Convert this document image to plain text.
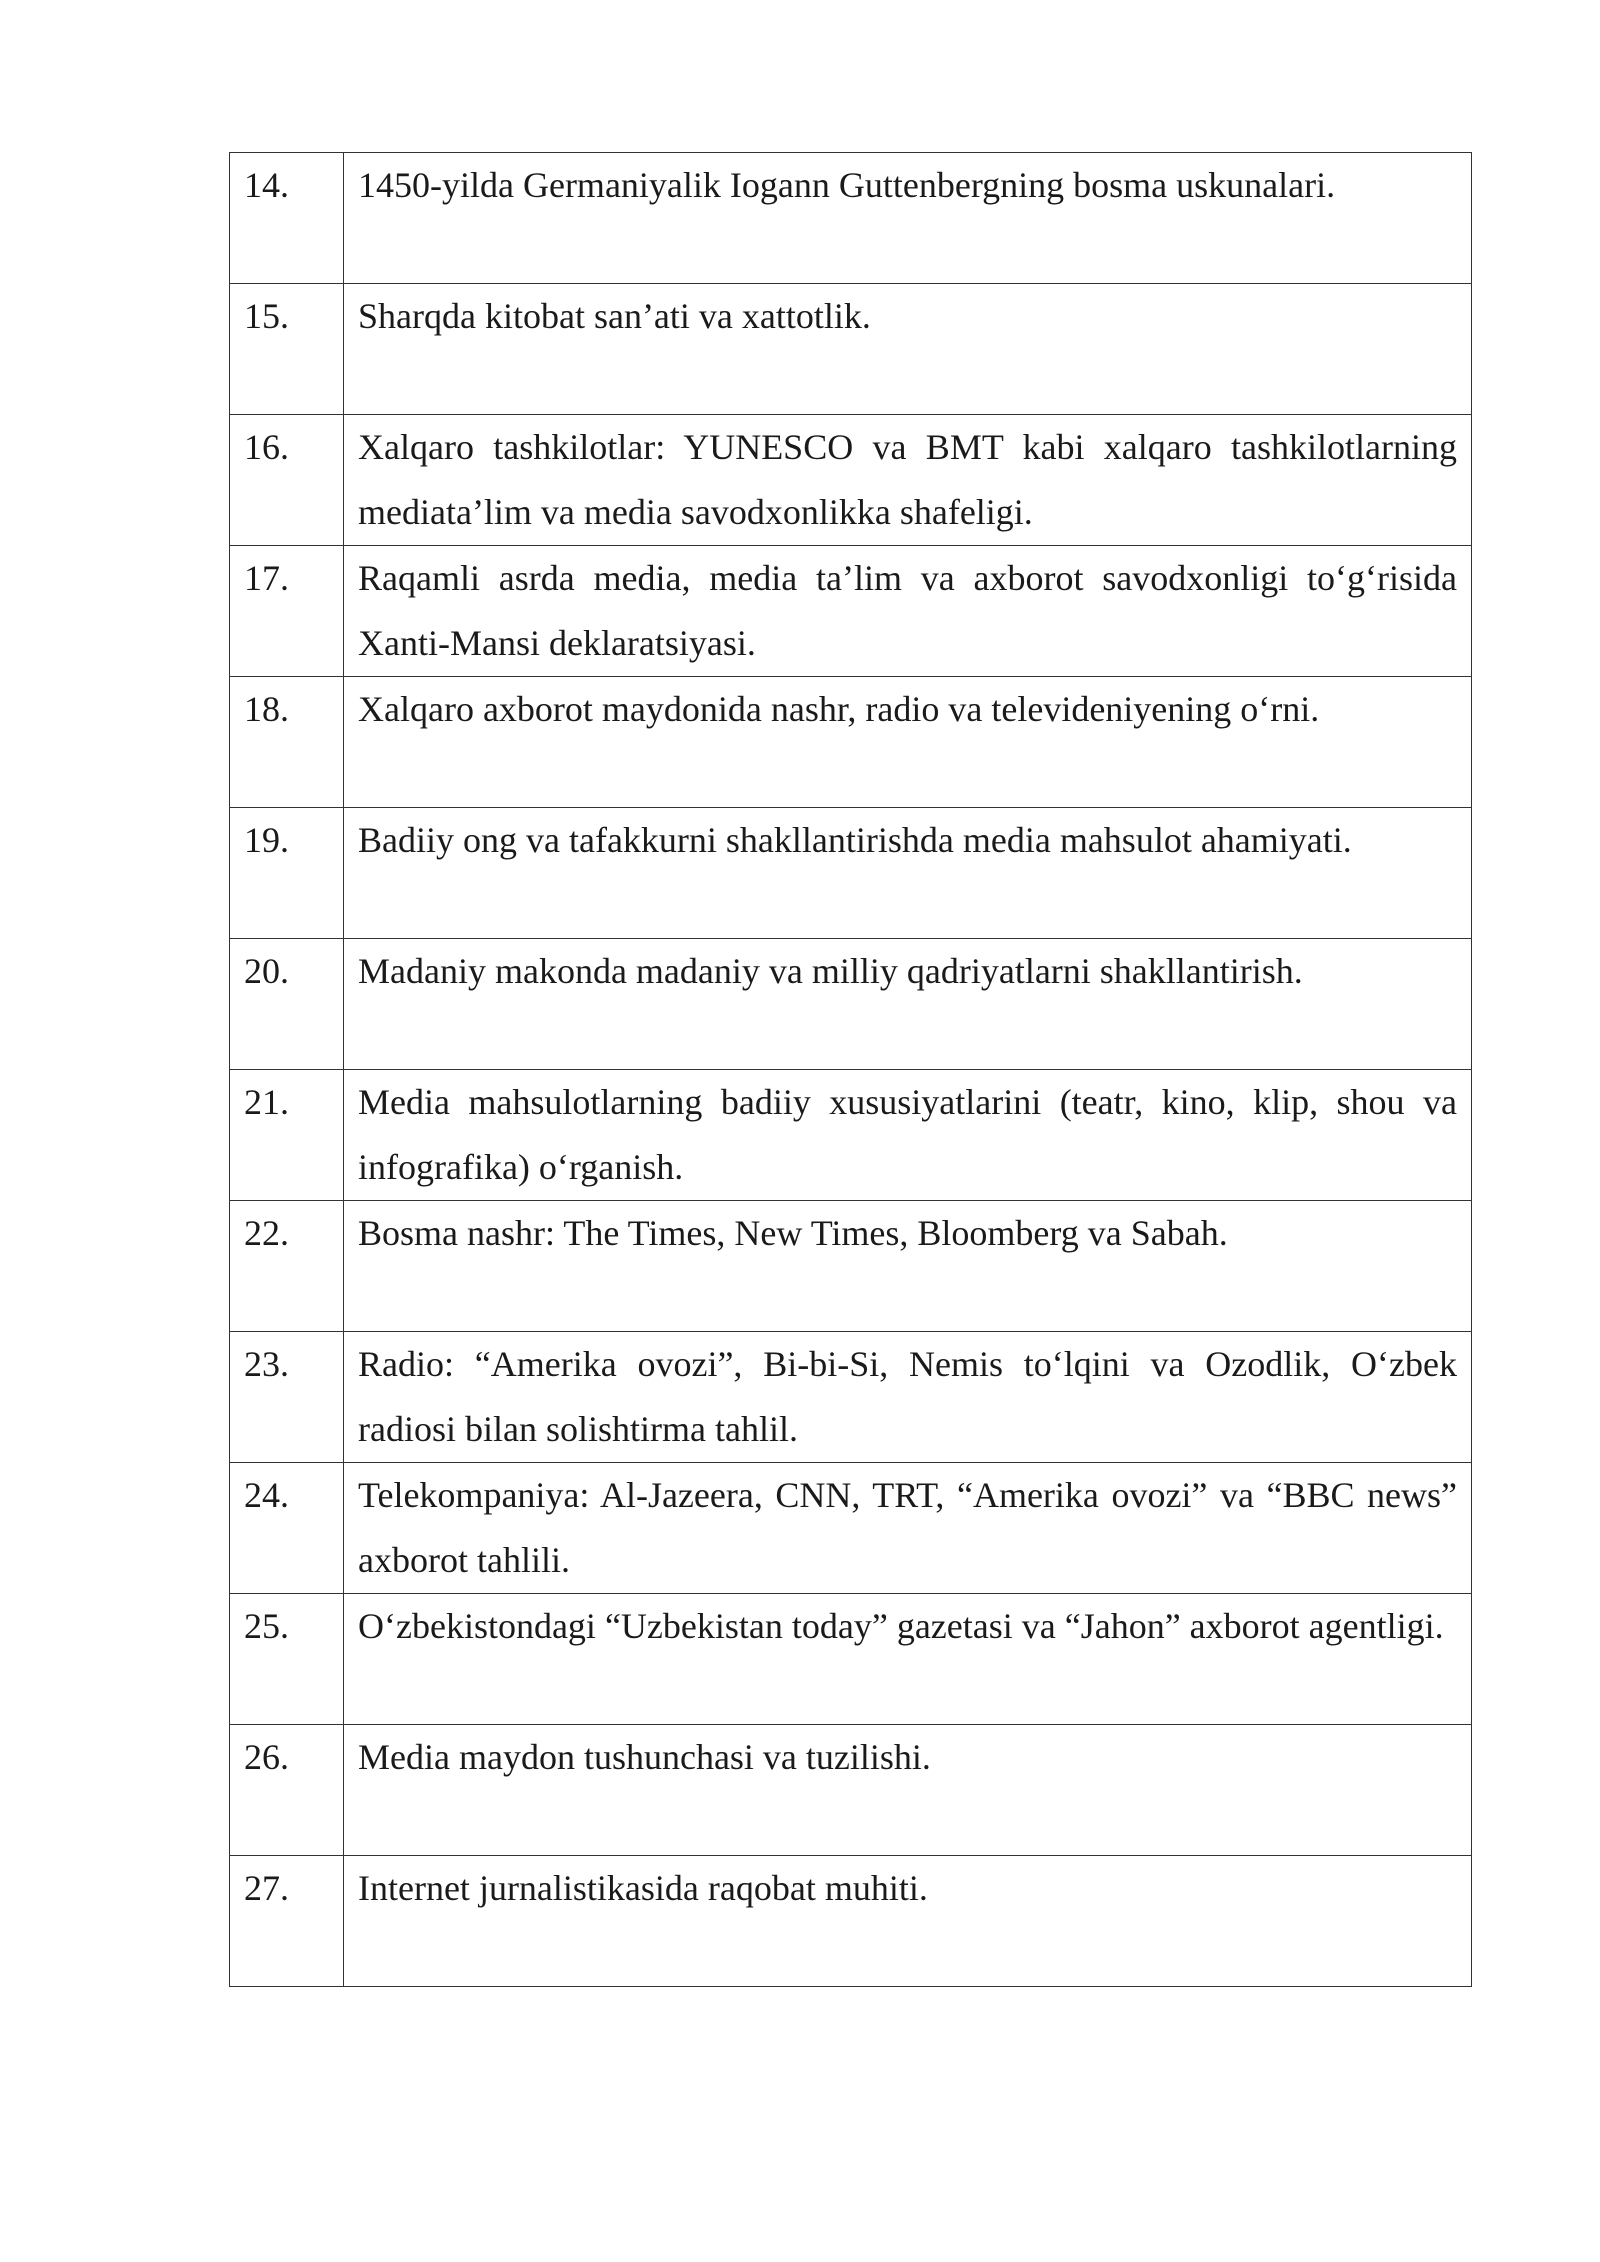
14.	1450-yilda Germaniyalik Iogann Guttenbergning bosma uskunalari.
15.	Sharqda kitobat san’ati va xattotlik.
16.	Xalqaro tashkilotlar: YUNESCO va BMT kabi xalqaro tashkilotlarning mediata’lim va media savodxonlikka shafeligi.
17.	Raqamli asrda media, media ta’lim va axborot savodxonligi to‘g‘risida Xanti-Mansi deklaratsiyasi.
18.	Xalqaro axborot maydonida nashr, radio va televideniyening o‘rni.
19.	Badiiy ong va tafakkurni shakllantirishda media mahsulot ahamiyati.
20.	Madaniy makonda madaniy va milliy qadriyatlarni shakllantirish.
21.	Media mahsulotlarning badiiy xususiyatlarini (teatr, kino, klip, shou va infografika) o‘rganish.
22.	Bosma nashr: The Times, New Times, Bloomberg va Sabah.
23.	Radio: “Amerika ovozi”, Bi-bi-Si, Nemis to‘lqini va Ozodlik, O‘zbek radiosi bilan solishtirma tahlil.
24.	Telekompaniya: Al-Jazeera, CNN, TRT, “Amerika ovozi” va “BBC news” axborot tahlili.
25.	O‘zbekistondagi “Uzbekistan today” gazetasi va “Jahon” axborot agentligi.
26.	Media maydon tushunchasi va tuzilishi.
27.	Internet jurnalistikasida raqobat muhiti.
